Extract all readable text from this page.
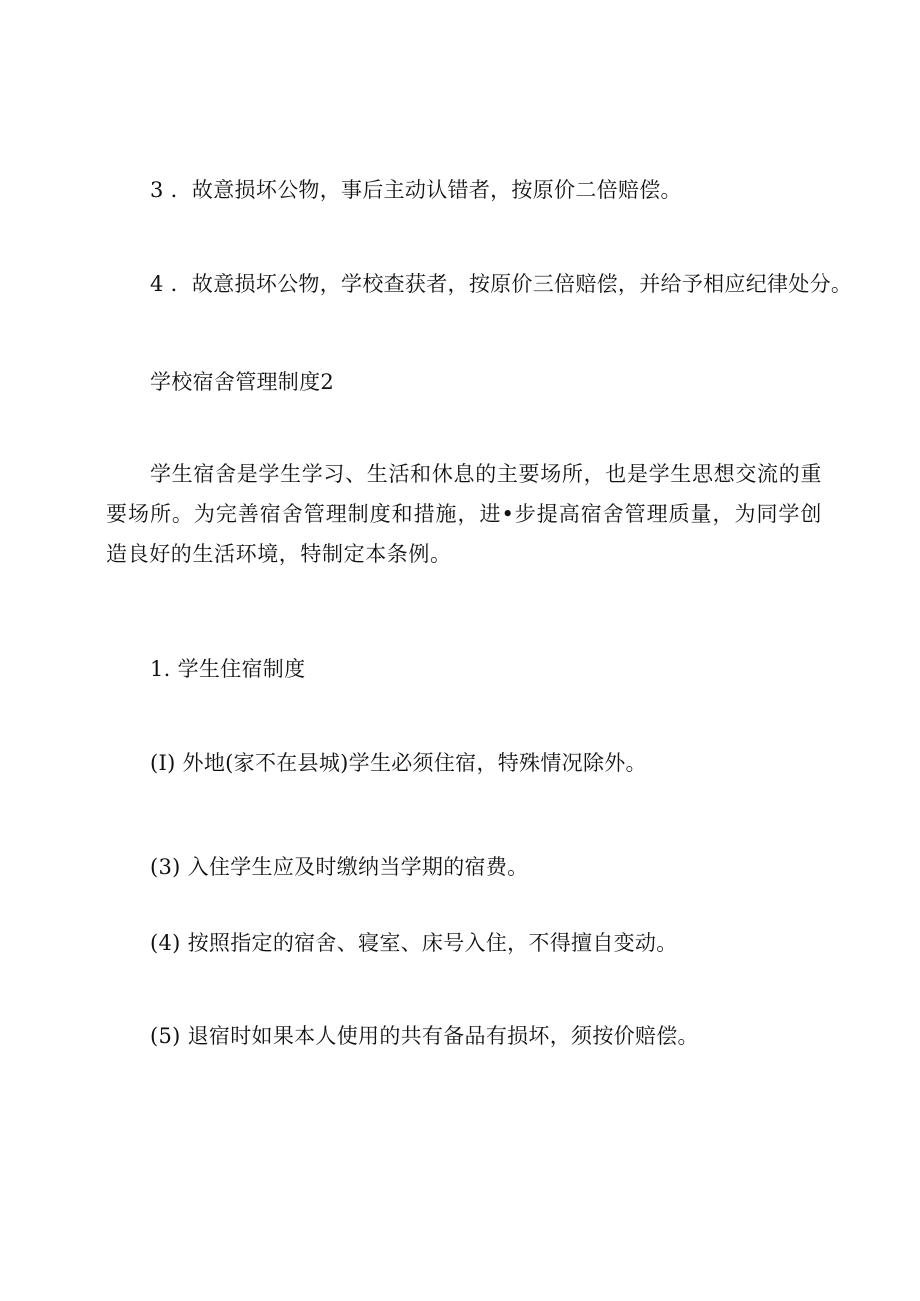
3 ．故意损坏公物，事后主动认错者，按原价二倍赔偿。
4 ．故意损坏公物，学校查获者，按原价三倍赔偿，并给予相应纪律处分。
学校宿舍管理制度2
学生宿舍是学生学习、生活和休息的主要场所，也是学生思想交流的重要场所。为完善宿舍管理制度和措施，进•步提高宿舍管理质量，为同学创造良好的生活环境，特制定本条例。
1. 学生住宿制度
(I) 外地(家不在县城)学生必须住宿，特殊情况除外。
(3) 入住学生应及时缴纳当学期的宿费。
(4) 按照指定的宿舍、寝室、床号入住，不得擅自变动。
(5) 退宿时如果本人使用的共有备品有损坏，须按价赔偿。
